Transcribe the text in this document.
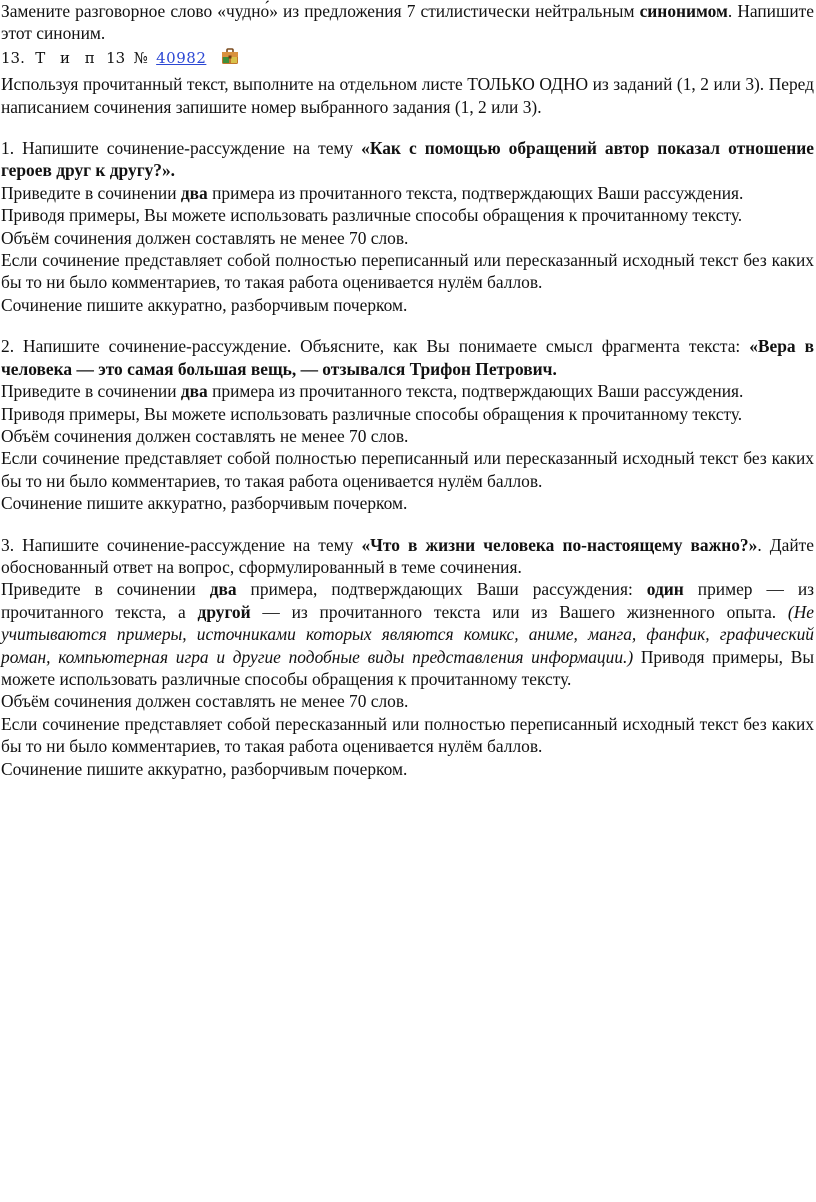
Замените разговорное слово «чудно́» из предложения 7 стилистически нейтральным синонимом. Напишите этот синоним.

13. Т и п 13 № 40982

Используя прочитанный текст, выполните на отдельном листе ТОЛЬКО ОДНО из заданий (1, 2 или 3). Перед написанием сочинения запишите номер выбранного задания (1, 2 или 3).

1. Напишите сочинение-рассуждение на тему «Как с помощью обращений автор показал отношение героев друг к другу?».

Приведите в сочинении два примера из прочитанного текста, подтверждающих Ваши рассуждения.

Приводя примеры, Вы можете использовать различные способы обращения к прочитанному тексту.

Объём сочинения должен составлять не менее 70 слов.

Если сочинение представляет собой полностью переписанный или пересказанный исходный текст без каких бы то ни было комментариев, то такая работа оценивается нулём баллов.

Сочинение пишите аккуратно, разборчивым почерком.

2. Напишите сочинение-рассуждение. Объясните, как Вы понимаете смысл фрагмента текста: «Вера в человека — это самая большая вещь, — отзывался Трифон Петрович.

Приведите в сочинении два примера из прочитанного текста, подтверждающих Ваши рассуждения.

Приводя примеры, Вы можете использовать различные способы обращения к прочитанному тексту.

Объём сочинения должен составлять не менее 70 слов.

Если сочинение представляет собой полностью переписанный или пересказанный исходный текст без каких бы то ни было комментариев, то такая работа оценивается нулём баллов.

Сочинение пишите аккуратно, разборчивым почерком.

3. Напишите сочинение-рассуждение на тему «Что в жизни человека по-настоящему важно?». Дайте обоснованный ответ на вопрос, сформулированный в теме сочинения.

Приведите в сочинении два примера, подтверждающих Ваши рассуждения: один пример — из прочитанного текста, а другой — из прочитанного текста или из Вашего жизненного опыта. (Не учитываются примеры, источниками которых являются комикс, аниме, манга, фанфик, графический роман, компьютерная игра и другие подобные виды представления информации.) Приводя примеры, Вы можете использовать различные способы обращения к прочитанному тексту.

Объём сочинения должен составлять не менее 70 слов.

Если сочинение представляет собой пересказанный или полностью переписанный исходный текст без каких бы то ни было комментариев, то такая работа оценивается нулём баллов.

Сочинение пишите аккуратно, разборчивым почерком.
